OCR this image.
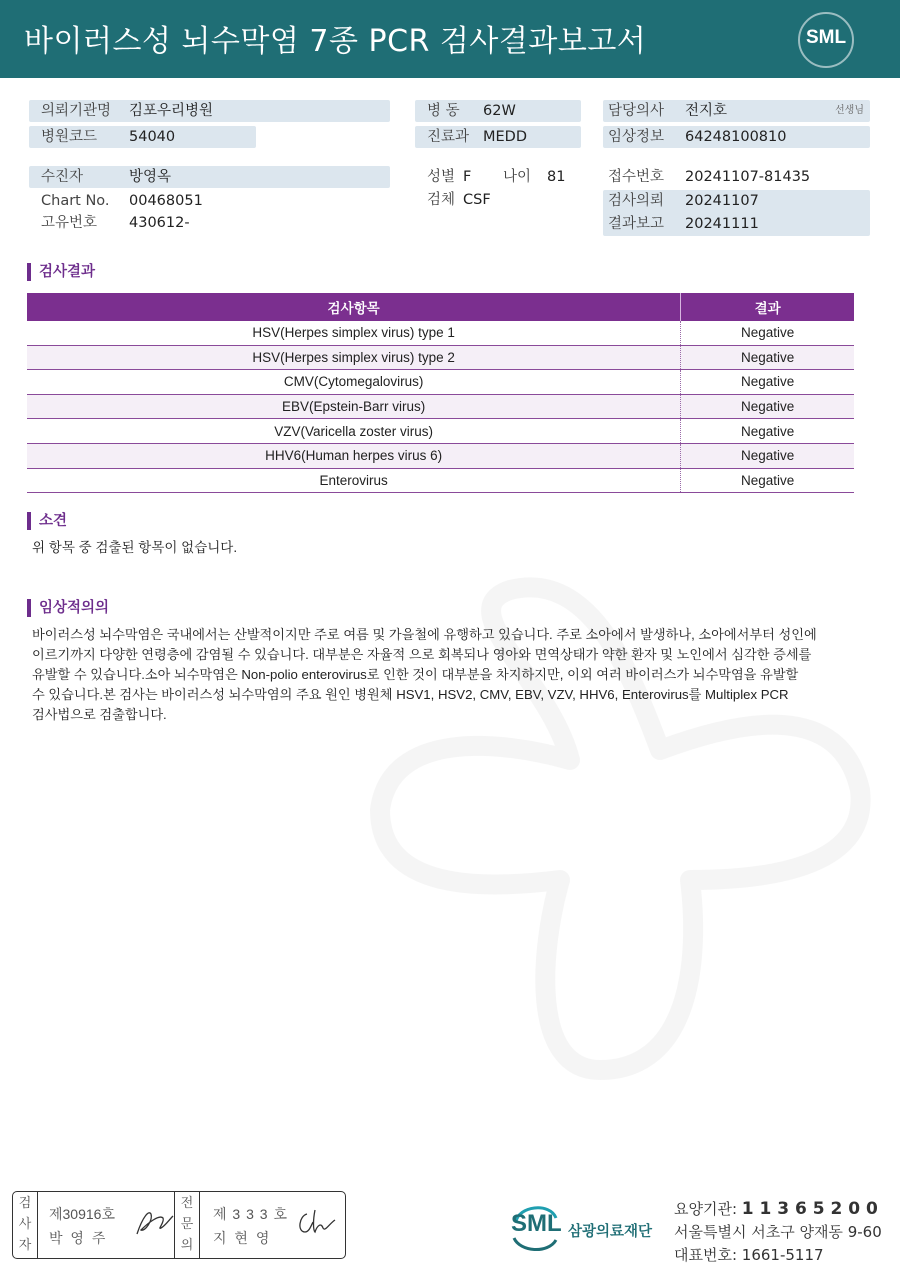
바이러스성 뇌수막염 7종 PCR 검사결과보고서	SML
의뢰기관명 김포우리병원
병원코드 54040
수진자	방영옥
Chart No. 00468051
고유번호 430612-
병 동 62W
진료과 MEDD
성별 F 나이 81
검체 CSF
담당의사 전지호	선생님
임상정보 64248100810
접수번호 20241107-81435
검사의뢰 20241107
결과보고 20241111
검사결과
검사항목	결과
HSV(Herpes simplex virus) type 1	Negative
HSV(Herpes simplex virus) type 2	Negative
CMV(Cytomegalovirus)	Negative
EBV(Epstein-Barr virus)	Negative
VZV(Varicella zoster virus)	Negative
HHV6(Human herpes virus 6)	Negative
Enterovirus	Negative
소견
위 항목 중 검출된 항목이 없습니다.
임상적의의
바이러스성 뇌수막염은 국내에서는 산발적이지만 주로 여름 및 가을철에 유행하고 있습니다. 주로 소아에서 발생하나, 소아에서부터 성인에
이르기까지 다양한 연령층에 감염될 수 있습니다. 대부분은 자율적 으로 회복되나 영아와 면역상태가 약한 환자 및 노인에서 심각한 증세를
유발할 수 있습니다.소아 뇌수막염은 Non-polio enterovirus로 인한 것이 대부분을 차지하지만, 이외 여러 바이러스가 뇌수막염을 유발할
수 있습니다.본 검사는 바이러스성 뇌수막염의 주요 원인 병원체 HSV1, HSV2, CMV, EBV, VZV, HHV6, Enterovirus를 Multiplex PCR
검사법으로 검출합니다.
검
사
자
제30916호
박 영 주
전
문
의
제 3 3 3 호
지 현 영
SML 삼광의료재단
요양기관: 1 1 3 6 5 2 0 0
서울특별시 서초구 양재동 9-60
대표번호: 1661-5117
